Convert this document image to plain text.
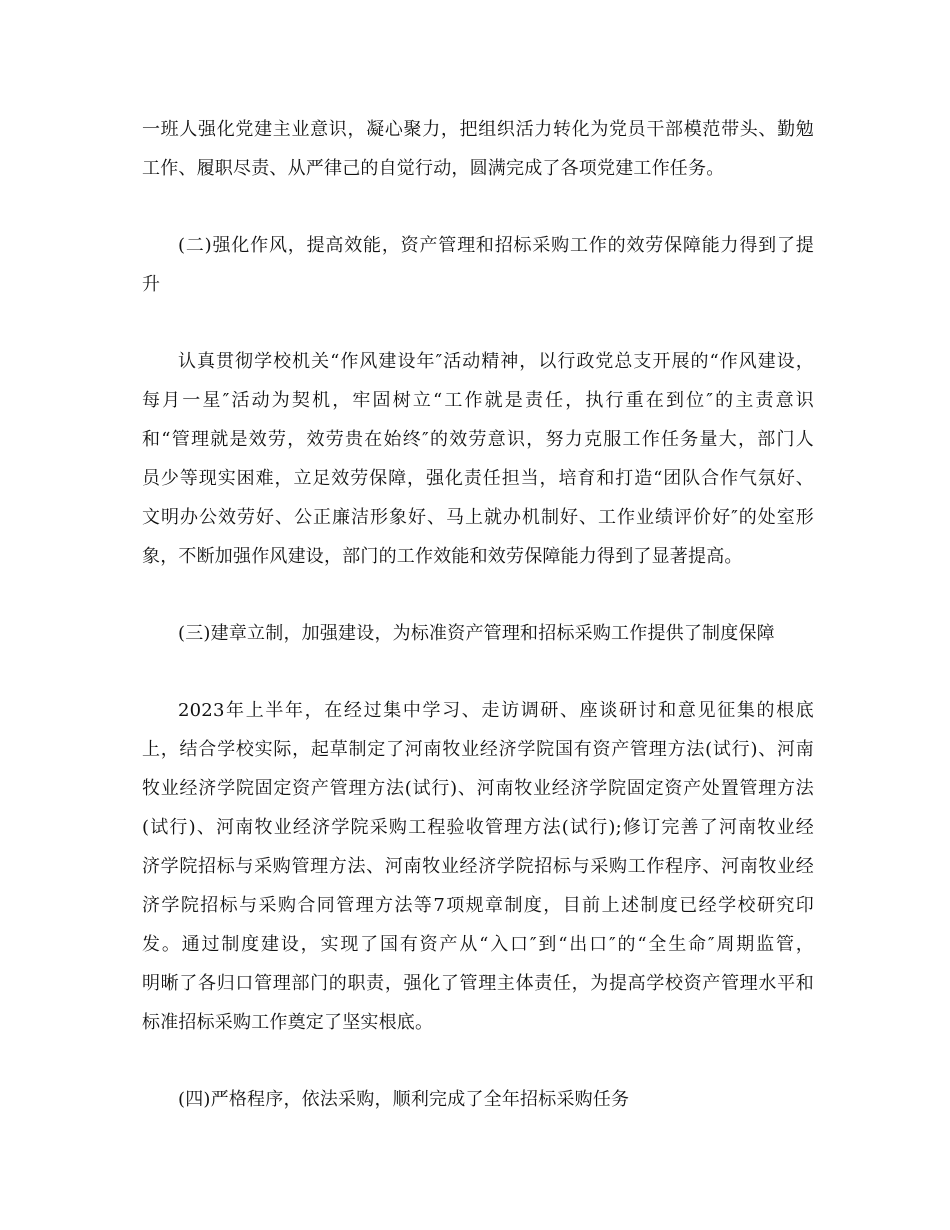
一班人强化党建主业意识，凝心聚力，把组织活力转化为党员干部模范带头、勤勉
工作、履职尽责、从严律己的自觉行动，圆满完成了各项党建工作任务。
(二)强化作风，提高效能，资产管理和招标采购工作的效劳保障能力得到了提
升
认真贯彻学校机关“作风建设年″活动精神，以行政党总支开展的“作风建设，
每月一星″活动为契机，牢固树立“工作就是责任，执行重在到位″的主责意识
和“管理就是效劳，效劳贵在始终″的效劳意识，努力克服工作任务量大，部门人
员少等现实困难，立足效劳保障，强化责任担当，培育和打造“团队合作气氛好、
文明办公效劳好、公正廉洁形象好、马上就办机制好、工作业绩评价好″的处室形
象，不断加强作风建设，部门的工作效能和效劳保障能力得到了显著提高。
(三)建章立制，加强建设，为标准资产管理和招标采购工作提供了制度保障
2023年上半年，在经过集中学习、走访调研、座谈研讨和意见征集的根底
上，结合学校实际，起草制定了河南牧业经济学院国有资产管理方法(试行)、河南
牧业经济学院固定资产管理方法(试行)、河南牧业经济学院固定资产处置管理方法
(试行)、河南牧业经济学院采购工程验收管理方法(试行);修订完善了河南牧业经
济学院招标与采购管理方法、河南牧业经济学院招标与采购工作程序、河南牧业经
济学院招标与采购合同管理方法等7项规章制度，目前上述制度已经学校研究印
发。通过制度建设，实现了国有资产从“入口″到“出口″的“全生命″周期监管，
明晰了各归口管理部门的职责，强化了管理主体责任，为提高学校资产管理水平和
标准招标采购工作奠定了坚实根底。
(四)严格程序，依法采购，顺利完成了全年招标采购任务
